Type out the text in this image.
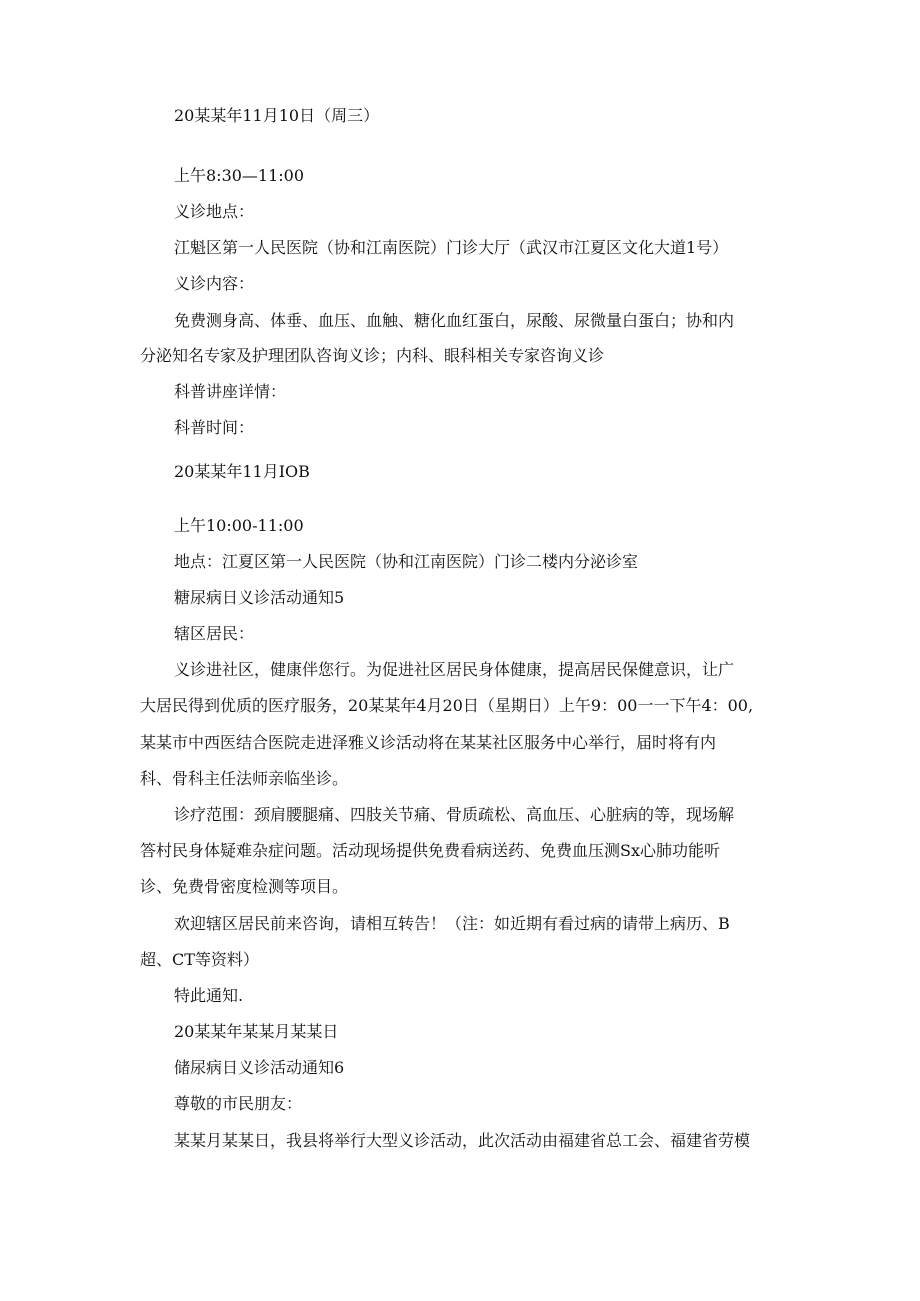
20某某年11月10日（周三）
上午8:30—11:00
义诊地点：
江魁区第一人民医院（协和江南医院）门诊大厅（武汉市江夏区文化大道1号）
义诊内容：
免费测身高、体垂、血压、血触、糖化血红蛋白，尿酸、尿微量白蛋白；协和内
分泌知名专家及护理团队咨询义诊；内科、眼科相关专家咨询义诊
科普讲座详情：
科普时间：
20某某年11月IOB
上午10:00-11:00
地点：江夏区第一人民医院（协和江南医院）门诊二楼内分泌诊室
糖尿病日义诊活动通知5
辖区居民：
义诊进社区，健康伴您行。为促进社区居民身体健康，提高居民保健意识，让广
大居民得到优质的医疗服务，20某某年4月20日（星期日）上午9：00一一下午4：00,
某某市中西医结合医院走进泽雅义诊活动将在某某社区服务中心举行，届时将有内
科、骨科主任法师亲临坐诊。
诊疗范围：颈肩腰腿痛、四肢关节痛、骨质疏松、高血压、心脏病的等，现场解
答村民身体疑难杂症问题。活动现场提供免费看病送药、免费血压测Sx心肺功能听
诊、免费骨密度检测等项目。
欢迎辖区居民前来咨询，请相互转告！（注：如近期有看过病的请带上病历、B
超、CT等资料）
特此通知.
20某某年某某月某某日
储尿病日义诊活动通知6
尊敬的市民朋友：
某某月某某日，我县将举行大型义诊活动，此次活动由福建省总工会、福建省劳模
